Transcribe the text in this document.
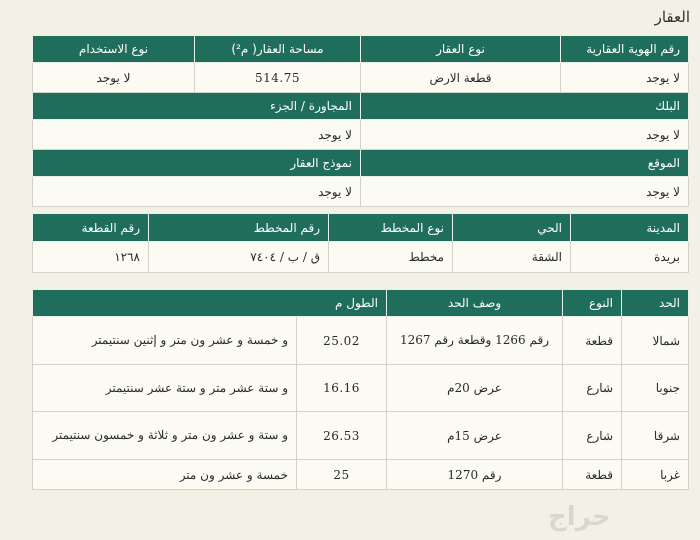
العقار
رقم الهوية العقارية	نوع العقار	مساحة العقار( م²)	نوع الاستخدام
لا يوجد	قطعة الارض	514.75	لا يوجد
البلك		المجاورة / الجزء	
لا يوجد		لا يوجد	
الموقع		نموذج العقار	
لا يوجد		لا يوجد	
المدينة	الحي	نوع المخطط	رقم المخطط	رقم القطعة
بريدة	الشقة	مخطط	ق / ب / ٧٤٠٤	١٢٦٨
الحد	النوع	وصف الحد	الطول م	
شمالا	قطعة	رقم 1266 وقطعة رقم 1267	25.02	و خمسة و عشر ون متر و إثنين سنتيمتر
جنوبا	شارع	عرض 20م	16.16	و ستة عشر متر و ستة عشر سنتيمتر
شرقا	شارع	عرض 15م	26.53	و ستة و عشر ون متر و ثلاثة و خمسون سنتيمتر
غربا	قطعة	رقم 1270	25	خمسة و عشر ون متر
حراج
